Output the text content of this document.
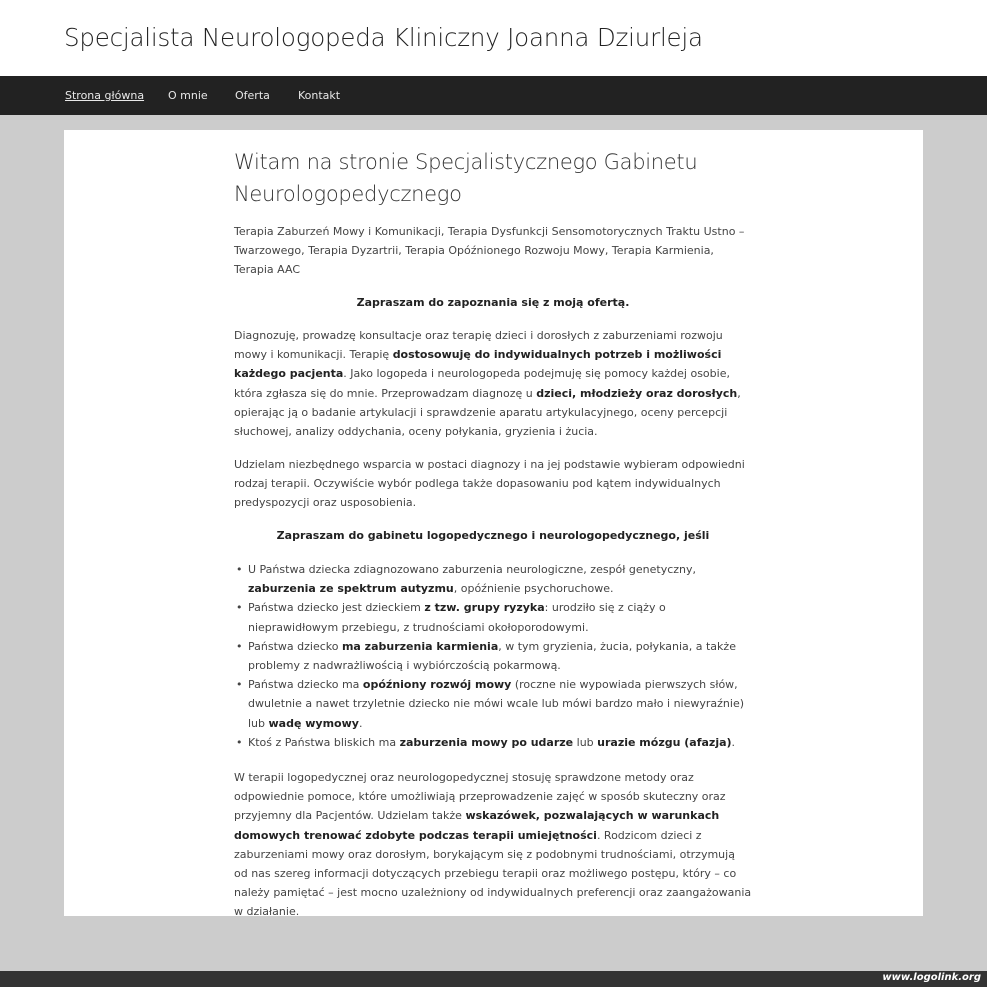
Specjalista Neurologopeda Kliniczny Joanna Dziurleja
Strona główna O mnie Oferta	Kontakt
Witam na stronie Specjalistycznego Gabinetu Neurologopedycznego

Terapia Zaburzeń Mowy i Komunikacji, Terapia Dysfunkcji Sensomotorycznych Traktu Ustno – Twarzowego, Terapia Dyzartrii, Terapia Opóźnionego Rozwoju Mowy, Terapia Karmienia, Terapia AAC

Zapraszam do zapoznania się z moją ofertą.

Diagnozuję, prowadzę konsultacje oraz terapię dzieci i dorosłych z zaburzeniami rozwoju mowy i komunikacji. Terapię dostosowuję do indywidualnych potrzeb i możliwości każdego pacjenta. Jako logopeda i neurologopeda podejmuję się pomocy każdej osobie, która zgłasza się do mnie. Przeprowadzam diagnozę u dzieci, młodzieży oraz dorosłych, opierając ją o badanie artykulacji i sprawdzenie aparatu artykulacyjnego, oceny percepcji słuchowej, analizy oddychania, oceny połykania, gryzienia i żucia.

Udzielam niezbędnego wsparcia w postaci diagnozy i na jej podstawie wybieram odpowiedni rodzaj terapii. Oczywiście wybór podlega także dopasowaniu pod kątem indywidualnych predyspozycji oraz usposobienia.

Zapraszam do gabinetu logopedycznego i neurologopedycznego, jeśli

• U Państwa dziecka zdiagnozowano zaburzenia neurologiczne, zespół genetyczny, zaburzenia ze spektrum autyzmu, opóźnienie psychoruchowe.
• Państwa dziecko jest dzieckiem z tzw. grupy ryzyka: urodziło się z ciąży o nieprawidłowym przebiegu, z trudnościami okołoporodowymi.
• Państwa dziecko ma zaburzenia karmienia, w tym gryzienia, żucia, połykania, a także problemy z nadwrażliwością i wybiórczością pokarmową.
• Państwa dziecko ma opóźniony rozwój mowy (roczne nie wypowiada pierwszych słów, dwuletnie a nawet trzyletnie dziecko nie mówi wcale lub mówi bardzo mało i niewyraźnie) lub wadę wymowy.
• Ktoś z Państwa bliskich ma zaburzenia mowy po udarze lub urazie mózgu (afazja).

W terapii logopedycznej oraz neurologopedycznej stosuję sprawdzone metody oraz odpowiednie pomoce, które umożliwiają przeprowadzenie zajęć w sposób skuteczny oraz przyjemny dla Pacjentów. Udzielam także wskazówek, pozwalających w warunkach domowych trenować zdobyte podczas terapii umiejętności. Rodzicom dzieci z zaburzeniami mowy oraz dorosłym, borykającym się z podobnymi trudnościami, otrzymują od nas szereg informacji dotyczących przebiegu terapii oraz możliwego postępu, który – co należy pamiętać – jest mocno uzależniony od indywidualnych preferencji oraz zaangażowania w działanie.

www.logolink.org
